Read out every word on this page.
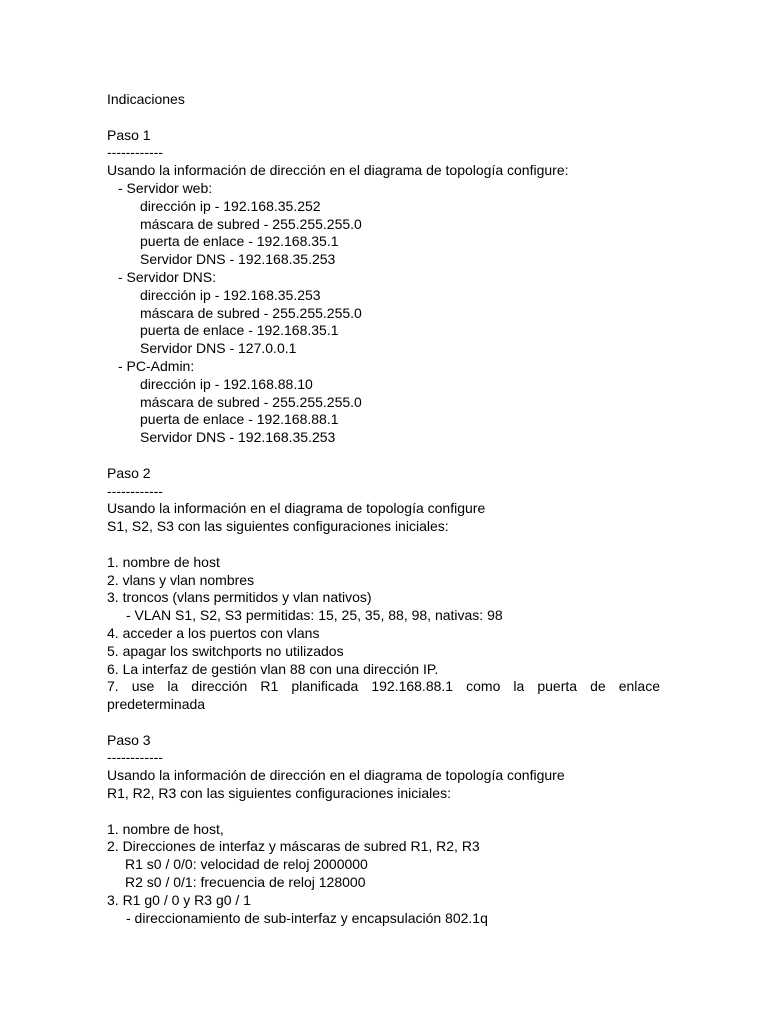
Indicaciones
Paso 1
------------
Usando la información de dirección en el diagrama de topología configure:
- Servidor web:
dirección ip - 192.168.35.252
máscara de subred - 255.255.255.0
puerta de enlace - 192.168.35.1
Servidor DNS - 192.168.35.253
- Servidor DNS:
dirección ip - 192.168.35.253
máscara de subred - 255.255.255.0
puerta de enlace - 192.168.35.1
Servidor DNS - 127.0.0.1
- PC-Admin:
dirección ip - 192.168.88.10
máscara de subred - 255.255.255.0
puerta de enlace - 192.168.88.1
Servidor DNS - 192.168.35.253
Paso 2
------------
Usando la información en el diagrama de topología configure
S1, S2, S3 con las siguientes configuraciones iniciales:
1. nombre de host
2. vlans y vlan nombres
3. troncos (vlans permitidos y vlan nativos)
- VLAN S1, S2, S3 permitidas: 15, 25, 35, 88, 98, nativas: 98
4. acceder a los puertos con vlans
5. apagar los switchports no utilizados
6. La interfaz de gestión vlan 88 con una dirección IP.
7. use la dirección R1 planificada 192.168.88.1 como la puerta de enlace
predeterminada
Paso 3
------------
Usando la información de dirección en el diagrama de topología configure
R1, R2, R3 con las siguientes configuraciones iniciales:
1. nombre de host,
2. Direcciones de interfaz y máscaras de subred R1, R2, R3
R1 s0 / 0/0: velocidad de reloj 2000000
R2 s0 / 0/1: frecuencia de reloj 128000
3. R1 g0 / 0 y R3 g0 / 1
- direccionamiento de sub-interfaz y encapsulación 802.1q
